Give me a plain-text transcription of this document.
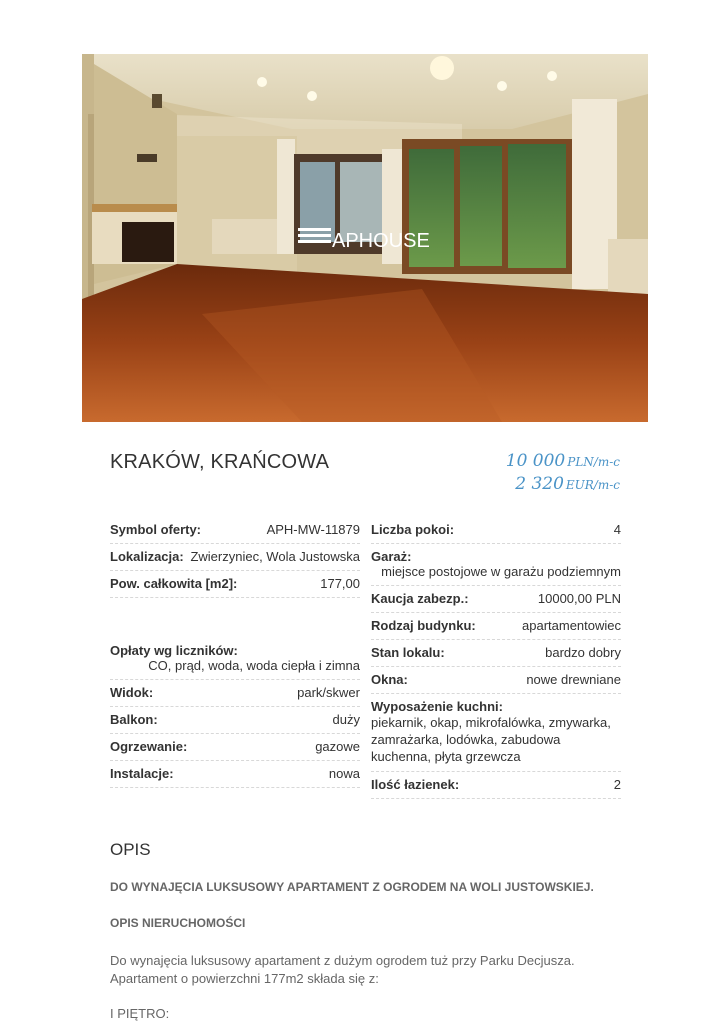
APHOUSE
KRAKÓW, KRAŃCOWA	10 000 PLN/m-c
2 320 EUR/m-c
Symbol oferty:	APH-MW-11879
Lokalizacja: Zwierzyniec, Wola Justowska
Pow. całkowita [m2]:	177,00
Opłaty wg liczników:
CO, prąd, woda, woda ciepła i zimna
Widok:	park/skwer
Balkon:	duży
Ogrzewanie:	gazowe
Instalacje:	nowa
Liczba pokoi:	4
Garaż:
miejsce postojowe w garażu podziemnym
Kaucja zabezp.:	10000,00 PLN
Rodzaj budynku:	apartamentowiec
Stan lokalu:	bardzo dobry
Okna:	nowe drewniane
Wyposażenie kuchni:
piekarnik, okap, mikrofalówka, zmywarka, zamrażarka, lodówka, zabudowa kuchenna, płyta grzewcza
Ilość łazienek:	2
OPIS
DO WYNAJĘCIA LUKSUSOWY APARTAMENT Z OGRODEM NA WOLI JUSTOWSKIEJ.
OPIS NIERUCHOMOŚCI
Do wynajęcia luksusowy apartament z dużym ogrodem tuż przy Parku Decjusza. Apartament o powierzchni 177m2 składa się z:
I PIĘTRO:
